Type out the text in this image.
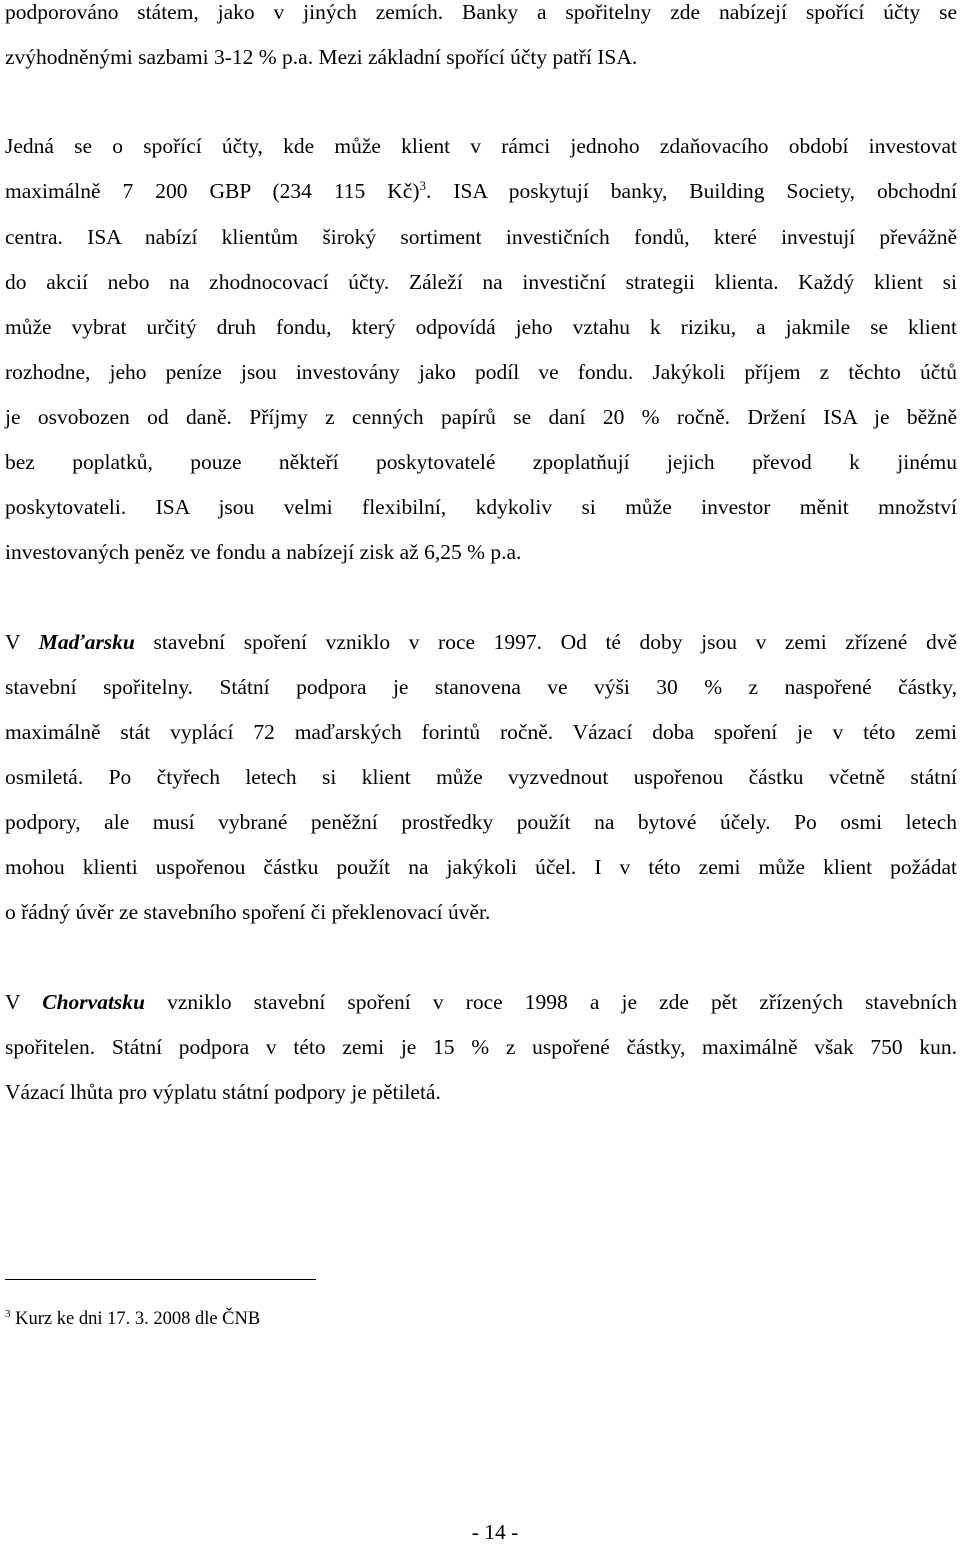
podporováno státem, jako v jiných zemích. Banky a spořitelny zde nabízejí spořící účty se
zvýhodněnými sazbami 3-12 % p.a. Mezi základní spořící účty patří ISA.
Jedná se o spořící účty, kde může klient v rámci jednoho zdaňovacího období investovat
maximálně 7 200 GBP (234 115 Kč)$^3$. ISA poskytují banky, Building Society, obchodní
centra. ISA nabízí klientům široký sortiment investičních fondů, které investují převážně
do akcií nebo na zhodnocovací účty. Záleží na investiční strategii klienta. Každý klient si
může vybrat určitý druh fondu, který odpovídá jeho vztahu k riziku, a jakmile se klient
rozhodne, jeho peníze jsou investovány jako podíl ve fondu. Jakýkoli příjem z těchto účtů
je osvobozen od daně. Příjmy z cenných papírů se daní 20 % ročně. Držení ISA je běžně
bez poplatků, pouze někteří poskytovatelé zpoplatňují jejich převod k jinému
poskytovateli. ISA jsou velmi flexibilní, kdykoliv si může investor měnit množství
investovaných peněz ve fondu a nabízejí zisk až 6,25 % p.a.
V Maďarsku stavební spoření vzniklo v roce 1997. Od té doby jsou v zemi zřízené dvě
stavební spořitelny. Státní podpora je stanovena ve výši 30 % z naspořené částky,
maximálně stát vyplácí 72 maďarských forintů ročně. Vázací doba spoření je v této zemi
osmiletá. Po čtyřech letech si klient může vyzvednout uspořenou částku včetně státní
podpory, ale musí vybrané peněžní prostředky použít na bytové účely. Po osmi letech
mohou klienti uspořenou částku použít na jakýkoli účel. I v této zemi může klient požádat
o řádný úvěr ze stavebního spoření či překlenovací úvěr.
V Chorvatsku vzniklo stavební spoření v roce 1998 a je zde pět zřízených stavebních
spořitelen. Státní podpora v této zemi je 15 % z uspořené částky, maximálně však 750 kun.
Vázací lhůta pro výplatu státní podpory je pětiletá.
$^3$ Kurz ke dni 17. 3. 2008 dle ČNB
- 14 -
